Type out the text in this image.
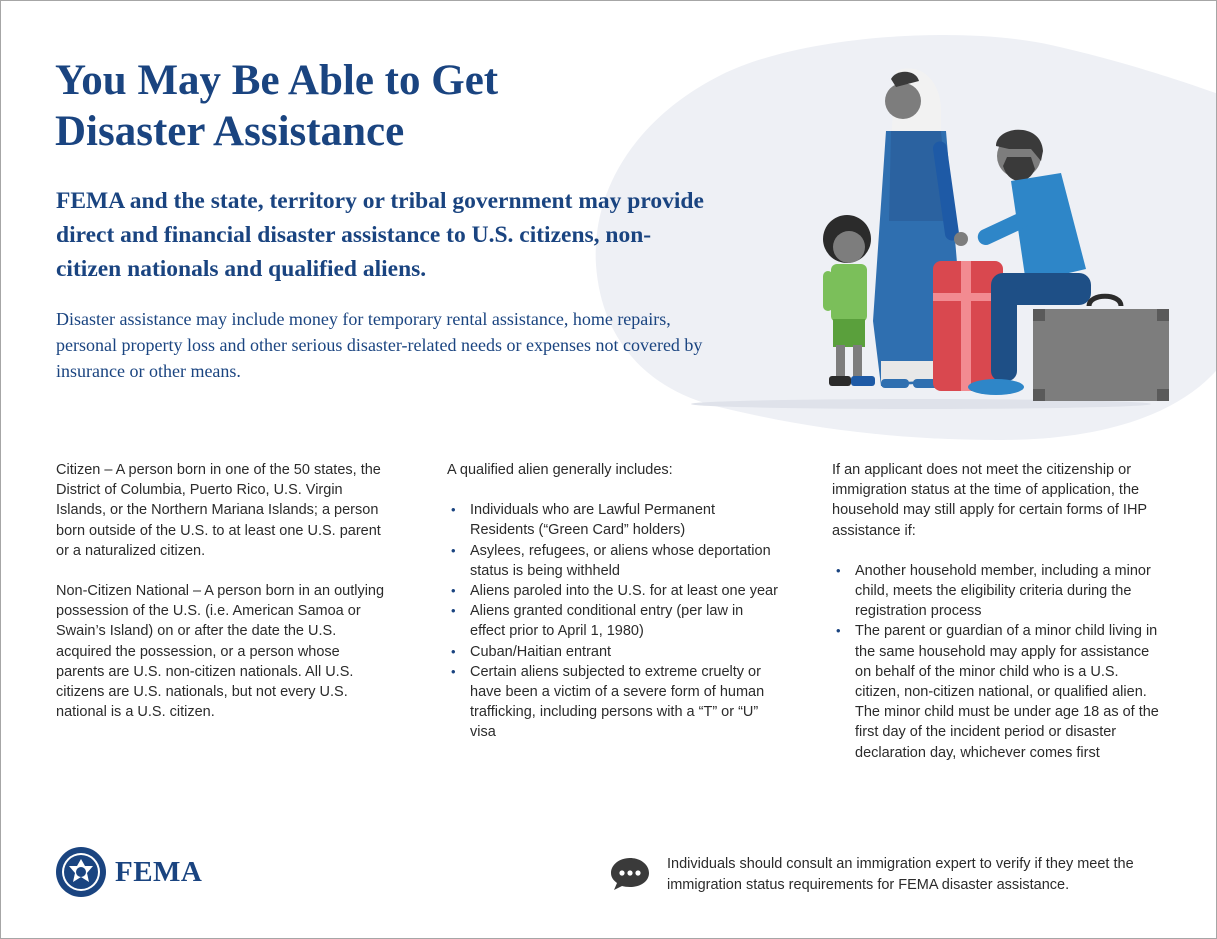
You May Be Able to Get
Disaster Assistance

FEMA and the state, territory or tribal government may provide direct and financial disaster assistance to U.S. citizens, non-citizen nationals and qualified aliens.

Disaster assistance may include money for temporary rental assistance, home repairs, personal property loss and other serious disaster-related needs or expenses not covered by insurance or other means.

Citizen – A person born in one of the 50 states, the District of Columbia, Puerto Rico, U.S. Virgin Islands, or the Northern Mariana Islands; a person born outside of the U.S. to at least one U.S. parent or a naturalized citizen.

Non-Citizen National – A person born in an outlying possession of the U.S. (i.e. American Samoa or Swain’s Island) on or after the date the U.S. acquired the possession, or a person whose parents are U.S. non-citizen nationals. All U.S. citizens are U.S. nationals, but not every U.S. national is a U.S. citizen.

A qualified alien generally includes:

• Individuals who are Lawful Permanent Residents (“Green Card” holders)
• Asylees, refugees, or aliens whose deportation status is being withheld
• Aliens paroled into the U.S. for at least one year
• Aliens granted conditional entry (per law in effect prior to April 1, 1980)
• Cuban/Haitian entrant
• Certain aliens subjected to extreme cruelty or have been a victim of a severe form of human trafficking, including persons with a “T” or “U” visa

If an applicant does not meet the citizenship or immigration status at the time of application, the household may still apply for certain forms of IHP assistance if:

• Another household member, including a minor child, meets the eligibility criteria during the registration process
• The parent or guardian of a minor child living in the same household may apply for assistance on behalf of the minor child who is a U.S. citizen, non-citizen national, or qualified alien. The minor child must be under age 18 as of the first day of the incident period or disaster declaration day, whichever comes first
FEMA	Individuals should consult an immigration expert to verify if they meet the immigration status requirements for FEMA disaster assistance.
